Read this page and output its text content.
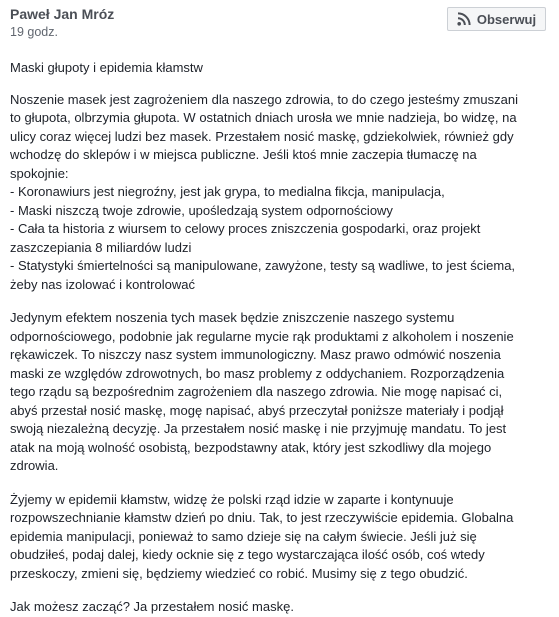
Paweł Jan Mróz
19 godz.
Obserwuj

Maski głupoty i epidemia kłamstw

Noszenie masek jest zagrożeniem dla naszego zdrowia, to do czego jesteśmy zmuszani
to głupota, olbrzymia głupota. W ostatnich dniach urosła we mnie nadzieja, bo widzę, na
ulicy coraz więcej ludzi bez masek. Przestałem nosić maskę, gdziekolwiek, również gdy
wchodzę do sklepów i w miejsca publiczne. Jeśli ktoś mnie zaczepia tłumaczę na
spokojnie:
- Koronawiurs jest niegroźny, jest jak grypa, to medialna fikcja, manipulacja,
- Maski niszczą twoje zdrowie, upośledzają system odpornościowy
- Cała ta historia z wiursem to celowy proces zniszczenia gospodarki, oraz projekt
zaszczepiania 8 miliardów ludzi
- Statystyki śmiertelności są manipulowane, zawyżone, testy są wadliwe, to jest ściema,
żeby nas izolować i kontrolować

Jedynym efektem noszenia tych masek będzie zniszczenie naszego systemu
odpornościowego, podobnie jak regularne mycie rąk produktami z alkoholem i noszenie
rękawiczek. To niszczy nasz system immunologiczny. Masz prawo odmówić noszenia
maski ze względów zdrowotnych, bo masz problemy z oddychaniem. Rozporządzenia
tego rządu są bezpośrednim zagrożeniem dla naszego zdrowia. Nie mogę napisać ci,
abyś przestał nosić maskę, mogę napisać, abyś przeczytał poniższe materiały i podjął
swoją niezależną decyzję. Ja przestałem nosić maskę i nie przyjmuję mandatu. To jest
atak na moją wolność osobistą, bezpodstawny atak, który jest szkodliwy dla mojego
zdrowia.

Żyjemy w epidemii kłamstw, widzę że polski rząd idzie w zaparte i kontynuuje
rozpowszechnianie kłamstw dzień po dniu. Tak, to jest rzeczywiście epidemia. Globalna
epidemia manipulacji, ponieważ to samo dzieje się na całym świecie. Jeśli już się
obudziłeś, podaj dalej, kiedy ocknie się z tego wystarczająca ilość osób, coś wtedy
przeskoczy, zmieni się, będziemy wiedzieć co robić. Musimy się z tego obudzić.

Jak możesz zacząć? Ja przestałem nosić maskę.
